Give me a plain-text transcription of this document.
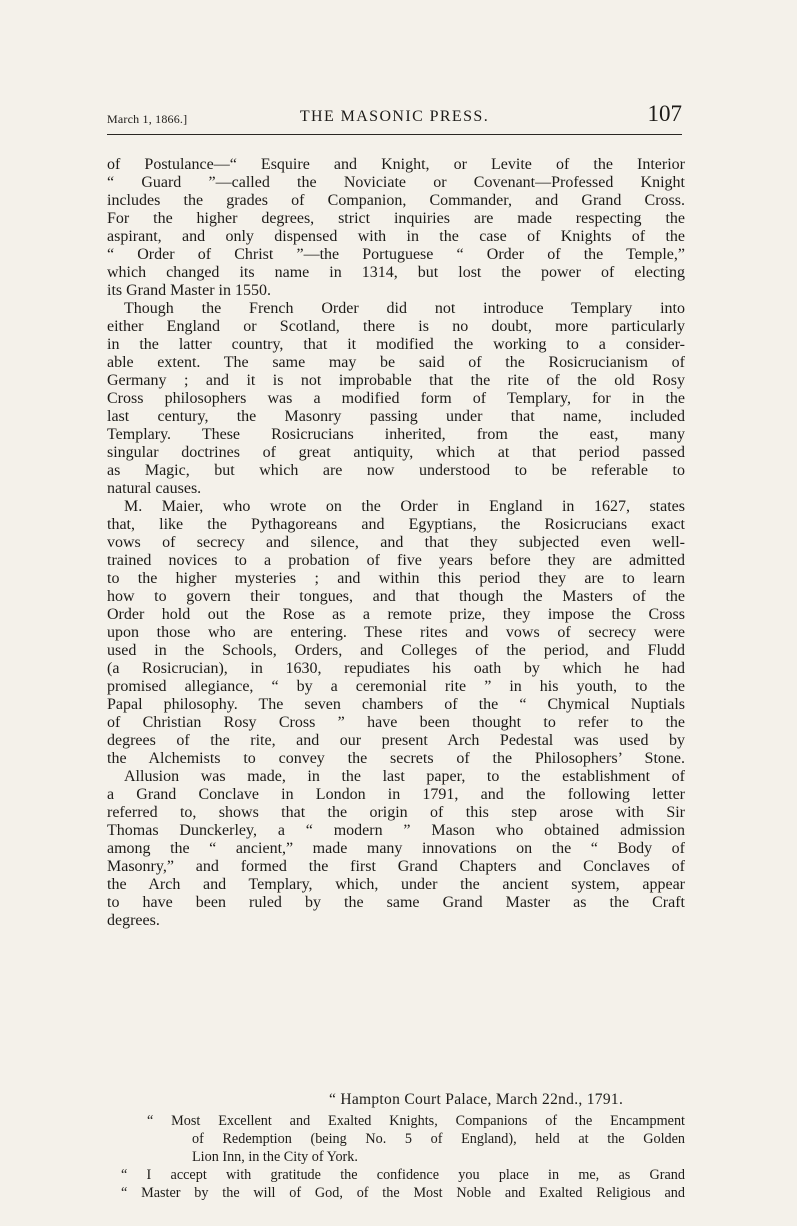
March 1, 1866.]	THE MASONIC PRESS.	107
of Postulance—“ Esquire and Knight, or Levite of the Interior
“ Guard ”—called the Noviciate or Covenant—Professed Knight
includes the grades of Companion, Commander, and Grand Cross.
For the higher degrees, strict inquiries are made respecting the
aspirant, and only dispensed with in the case of Knights of the
“ Order of Christ ”—the Portuguese “ Order of the Temple,”
which changed its name in 1314, but lost the power of electing
its Grand Master in 1550.
Though the French Order did not introduce Templary into
either England or Scotland, there is no doubt, more particularly
in the latter country, that it modified the working to a consider-
able extent. The same may be said of the Rosicrucianism of
Germany ; and it is not improbable that the rite of the old Rosy
Cross philosophers was a modified form of Templary, for in the
last century, the Masonry passing under that name, included
Templary. These Rosicrucians inherited, from the east, many
singular doctrines of great antiquity, which at that period passed
as Magic, but which are now understood to be referable to
natural causes.
M. Maier, who wrote on the Order in England in 1627, states
that, like the Pythagoreans and Egyptians, the Rosicrucians exact
vows of secrecy and silence, and that they subjected even well-
trained novices to a probation of five years before they are admitted
to the higher mysteries ; and within this period they are to learn
how to govern their tongues, and that though the Masters of the
Order hold out the Rose as a remote prize, they impose the Cross
upon those who are entering. These rites and vows of secrecy were
used in the Schools, Orders, and Colleges of the period, and Fludd
(a Rosicrucian), in 1630, repudiates his oath by which he had
promised allegiance, “ by a ceremonial rite ” in his youth, to the
Papal philosophy. The seven chambers of the “ Chymical Nuptials
of Christian Rosy Cross ” have been thought to refer to the
degrees of the rite, and our present Arch Pedestal was used by
the Alchemists to convey the secrets of the Philosophers’ Stone.
Allusion was made, in the last paper, to the establishment of
a Grand Conclave in London in 1791, and the following letter
referred to, shows that the origin of this step arose with Sir
Thomas Dunckerley, a “ modern ” Mason who obtained admission
among the “ ancient,” made many innovations on the “ Body of
Masonry,” and formed the first Grand Chapters and Conclaves of
the Arch and Templary, which, under the ancient system, appear
to have been ruled by the same Grand Master as the Craft
degrees.
“ Hampton Court Palace, March 22nd., 1791.
“ Most Excellent and Exalted Knights, Companions of the Encampment
of Redemption (being No. 5 of England), held at the Golden
Lion Inn, in the City of York.
“ I accept with gratitude the confidence you place in me, as Grand
“ Master by the will of God, of the Most Noble and Exalted Religious and
